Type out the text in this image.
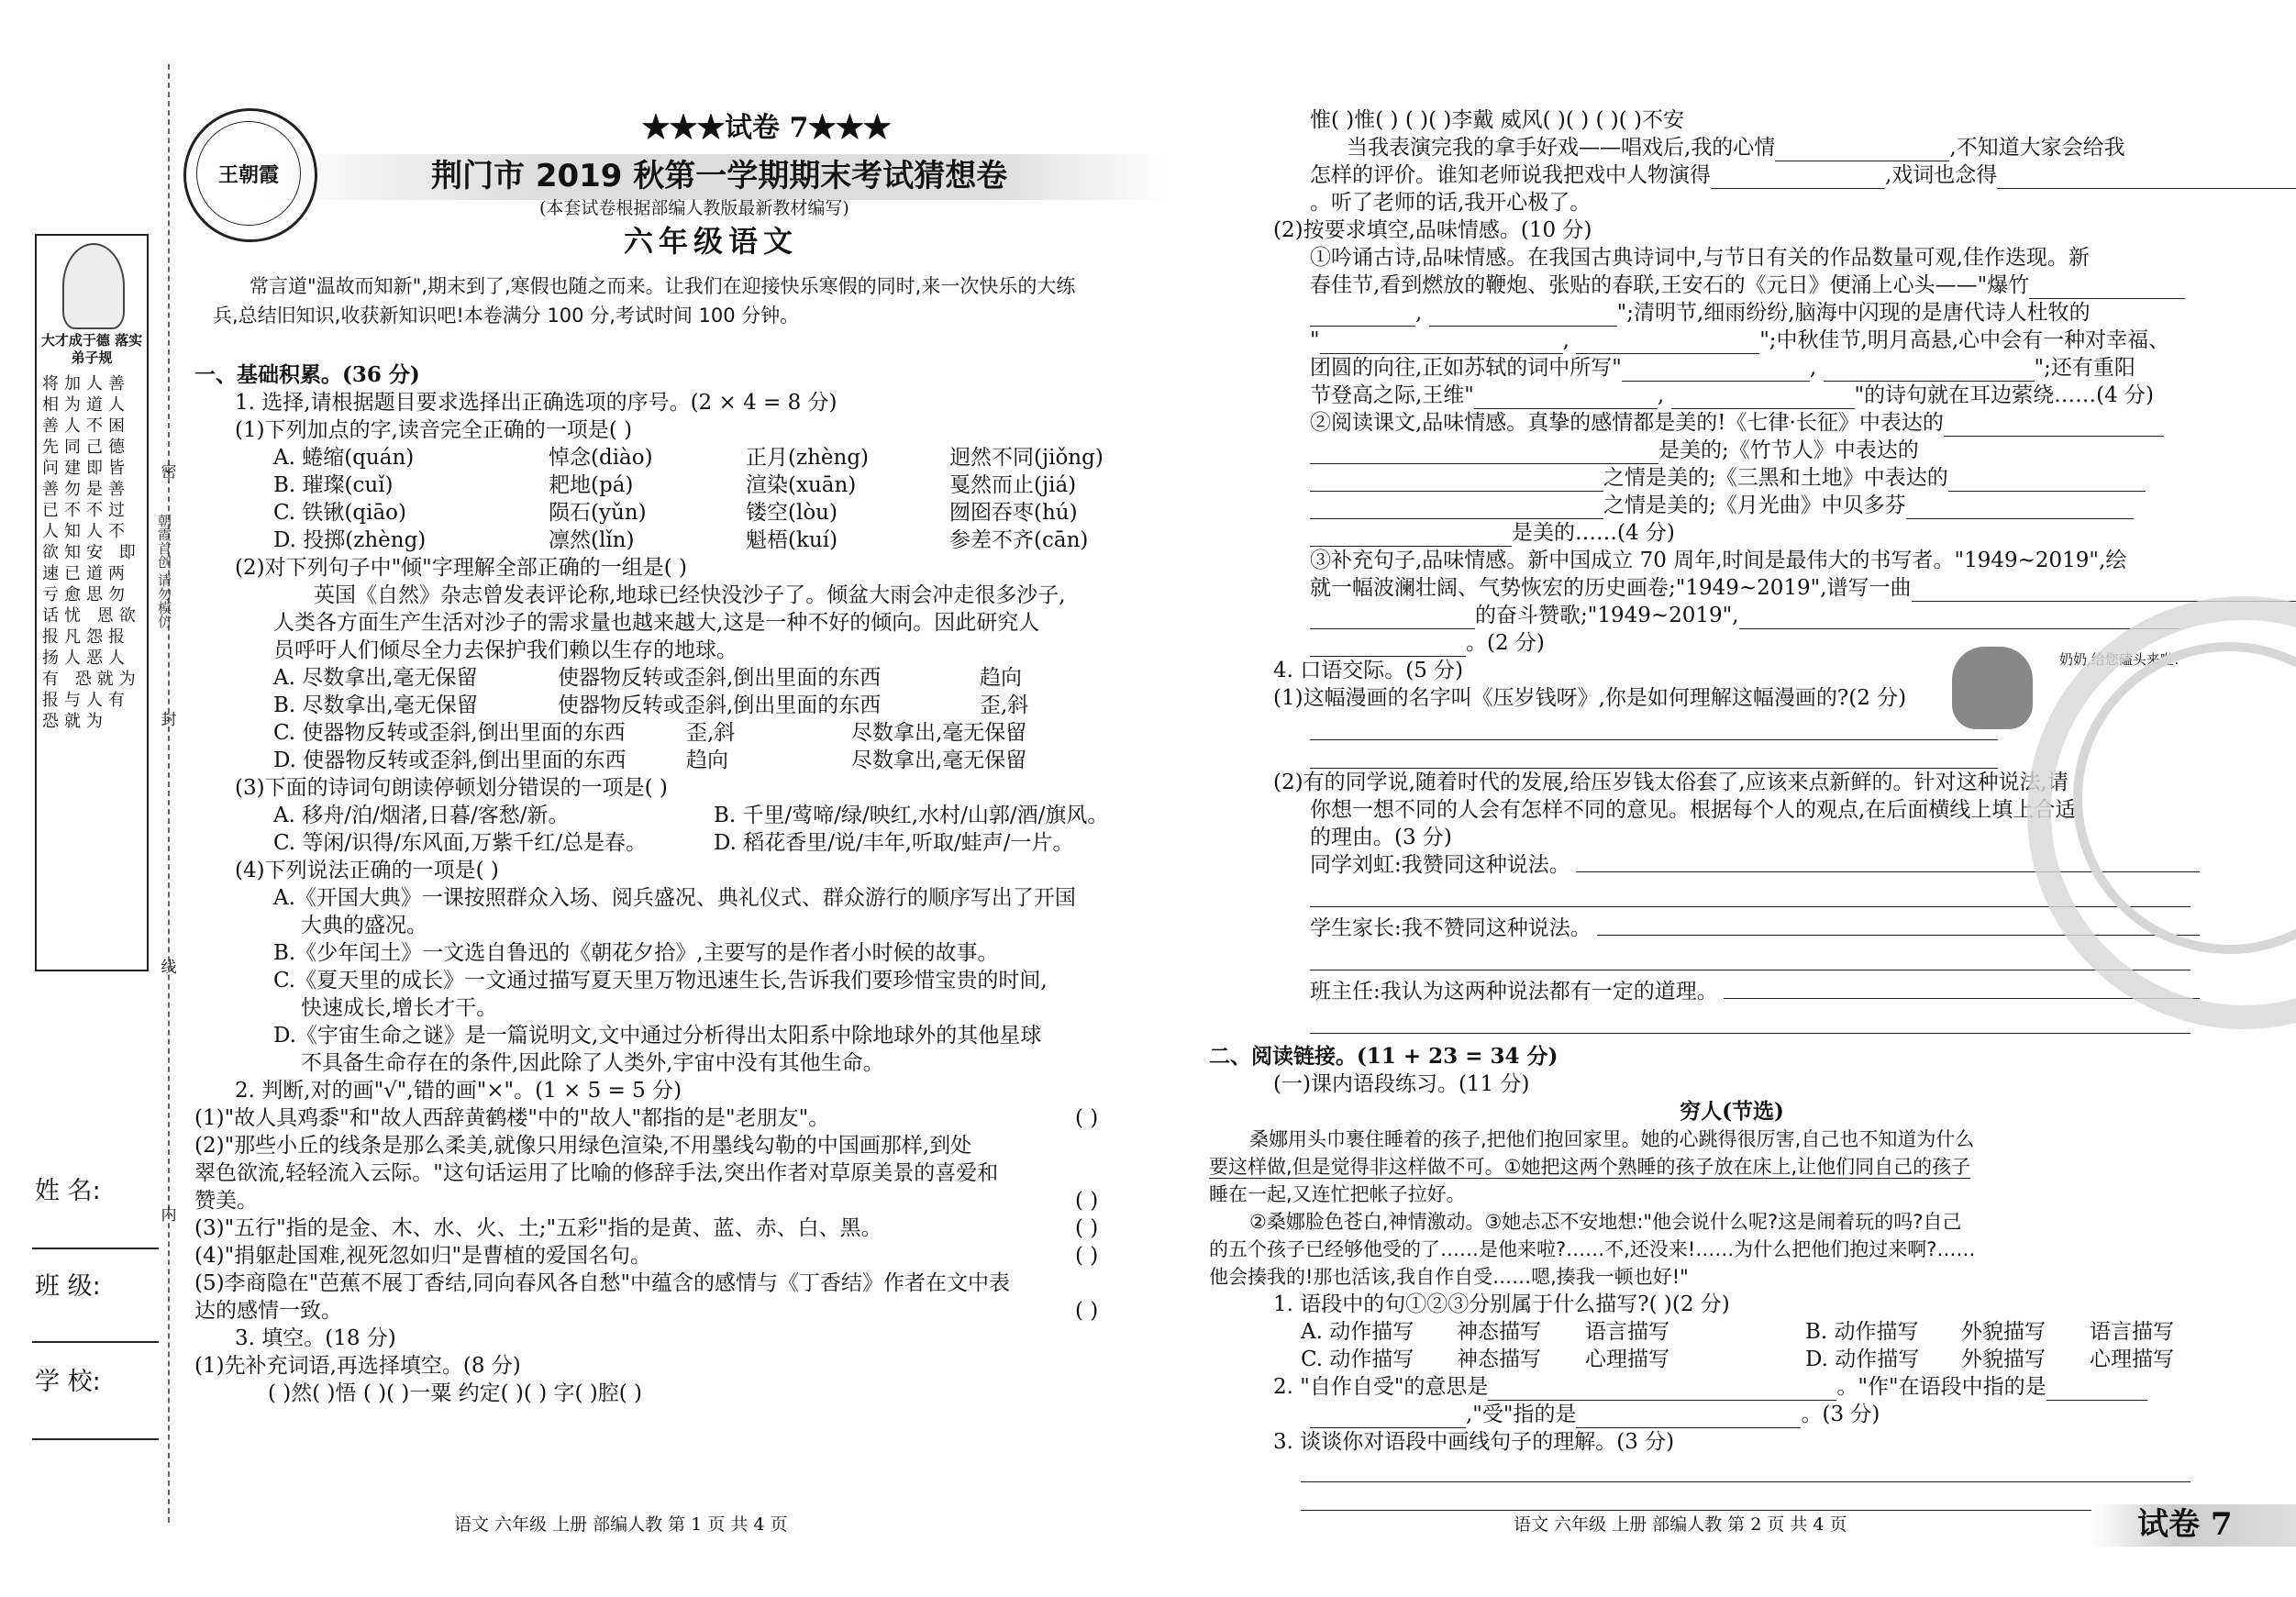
密
封
线
内
朝霞首创 请勿模仿
大才成于德 落实弟子规
将加人善相为道人善人不困 先同己德问建即皆善勿是善 已不不过人知人不欲知安 即速已道两亏愈思勿话忧 恩欲报凡怨报扬人恶人有 恐就为报与人有恐就为
姓 名:
班 级:
学 校:
王朝霞
★★★试卷 7★★★
荆门市 2019 秋第一学期期末考试猜想卷
(本套试卷根据部编人教版最新教材编写)
六年级语文
常言道"温故而知新",期末到了,寒假也随之而来。让我们在迎接快乐寒假的同时,来一次快乐的大练
兵,总结旧知识,收获新知识吧!本卷满分 100 分,考试时间 100 分钟。
一、基础积累。(36 分)
1. 选择,请根据题目要求选择出正确选项的序号。(2 × 4 = 8 分)
(1)下列加点的字,读音完全正确的一项是( )
A. 蜷缩(quán)	悼念(diào)	正月(zhèng)	迥然不同(jiǒng)
B. 璀璨(cuǐ)	耙地(pá)	渲染(xuān)	戛然而止(jiá)
C. 铁锹(qiāo)	陨石(yǔn)	镂空(lòu)	囫囵吞枣(hú)
D. 投掷(zhèng)	凛然(lǐn)	魁梧(kuí)	参差不齐(cān)
(2)对下列句子中"倾"字理解全部正确的一组是( )
英国《自然》杂志曾发表评论称,地球已经快没沙子了。倾盆大雨会冲走很多沙子,
人类各方面生产生活对沙子的需求量也越来越大,这是一种不好的倾向。因此研究人
员呼吁人们倾尽全力去保护我们赖以生存的地球。
A. 尽数拿出,毫无保留	使器物反转或歪斜,倒出里面的东西	趋向
B. 尽数拿出,毫无保留	使器物反转或歪斜,倒出里面的东西	歪,斜
C. 使器物反转或歪斜,倒出里面的东西	歪,斜	尽数拿出,毫无保留
D. 使器物反转或歪斜,倒出里面的东西	趋向	尽数拿出,毫无保留
(3)下面的诗词句朗读停顿划分错误的一项是( )
A. 移舟/泊/烟渚,日暮/客愁/新。	B. 千里/莺啼/绿/映红,水村/山郭/酒/旗风。
C. 等闲/识得/东风面,万紫千红/总是春。	D. 稻花香里/说/丰年,听取/蛙声/一片。
(4)下列说法正确的一项是( )
A.《开国大典》一课按照群众入场、阅兵盛况、典礼仪式、群众游行的顺序写出了开国
大典的盛况。
B.《少年闰土》一文选自鲁迅的《朝花夕拾》,主要写的是作者小时候的故事。
C.《夏天里的成长》一文通过描写夏天里万物迅速生长,告诉我们要珍惜宝贵的时间,
快速成长,增长才干。
D.《宇宙生命之谜》是一篇说明文,文中通过分析得出太阳系中除地球外的其他星球
不具备生命存在的条件,因此除了人类外,宇宙中没有其他生命。
2. 判断,对的画"√",错的画"×"。(1 × 5 = 5 分)
(1)"故人具鸡黍"和"故人西辞黄鹤楼"中的"故人"都指的是"老朋友"。
(2)"那些小丘的线条是那么柔美,就像只用绿色渲染,不用墨线勾勒的中国画那样,到处
翠色欲流,轻轻流入云际。"这句话运用了比喻的修辞手法,突出作者对草原美景的喜爱和
赞美。
(3)"五行"指的是金、木、水、火、土;"五彩"指的是黄、蓝、赤、白、黑。
(4)"捐躯赴国难,视死忽如归"是曹植的爱国名句。
(5)李商隐在"芭蕉不展丁香结,同向春风各自愁"中蕴含的感情与《丁香结》作者在文中表
达的感情一致。
( )
( )
( )
( )
( )
3. 填空。(18 分)
(1)先补充词语,再选择填空。(8 分)
( )然( )悟 ( )( )一粟 约定( )( ) 字( )腔( )
语文 六年级 上册 部编人教 第 1 页 共 4 页
惟( )惟( ) ( )( )李戴 威风( )( ) ( )( )不安
当我表演完我的拿手好戏——唱戏后,我的心情	,不知道大家会给我
怎样的评价。谁知老师说我把戏中人物演得	,戏词也念得
。听了老师的话,我开心极了。
(2)按要求填空,品味情感。(10 分)
①吟诵古诗,品味情感。在我国古典诗词中,与节日有关的作品数量可观,佳作迭现。新
春佳节,看到燃放的鞭炮、张贴的春联,王安石的《元日》便涌上心头——"爆竹
,	";清明节,细雨纷纷,脑海中闪现的是唐代诗人杜牧的
"	,	";中秋佳节,明月高悬,心中会有一种对幸福、
团圆的向往,正如苏轼的词中所写"	,	";还有重阳
节登高之际,王维"	,	"的诗句就在耳边萦绕……(4 分)
②阅读课文,品味情感。真挚的感情都是美的!《七律·长征》中表达的
是美的;《竹节人》中表达的
之情是美的;《三黑和土地》中表达的
之情是美的;《月光曲》中贝多芬
是美的……(4 分)
③补充句子,品味情感。新中国成立 70 周年,时间是最伟大的书写者。"1949~2019",绘
就一幅波澜壮阔、气势恢宏的历史画卷;"1949~2019",谱写一曲
的奋斗赞歌;"1949~2019",
。(2 分)
4. 口语交际。(5 分)
(1)这幅漫画的名字叫《压岁钱呀》,你是如何理解这幅漫画的?(2 分)
(2)有的同学说,随着时代的发展,给压岁钱太俗套了,应该来点新鲜的。针对这种说法,请
你想一想不同的人会有怎样不同的意见。根据每个人的观点,在后面横线上填上合适
的理由。(3 分)
同学刘虹:我赞同这种说法。
学生家长:我不赞同这种说法。
班主任:我认为这两种说法都有一定的道理。
二、阅读链接。(11 + 23 = 34 分)
(一)课内语段练习。(11 分)
穷人(节选)
桑娜用头巾裹住睡着的孩子,把他们抱回家里。她的心跳得很厉害,自己也不知道为什么
要这样做,但是觉得非这样做不可。①她把这两个熟睡的孩子放在床上,让他们同自己的孩子
睡在一起,又连忙把帐子拉好。
②桑娜脸色苍白,神情激动。③她忐忑不安地想:"他会说什么呢?这是闹着玩的吗?自己
的五个孩子已经够他受的了……是他来啦?……不,还没来!……为什么把他们抱过来啊?……
他会揍我的!那也活该,我自作自受……嗯,揍我一顿也好!"
1. 语段中的句①②③分别属于什么描写?( )(2 分)
A. 动作描写	神态描写	语言描写	B. 动作描写	外貌描写	语言描写
C. 动作描写	神态描写	心理描写	D. 动作描写	外貌描写	心理描写
2. "自作自受"的意思是	。"作"在语段中指的是
,"受"指的是	。(3 分)
3. 谈谈你对语段中画线句子的理解。(3 分)
奶奶,给您磕头来啦!
语文 六年级 上册 部编人教 第 2 页 共 4 页	试卷 7
